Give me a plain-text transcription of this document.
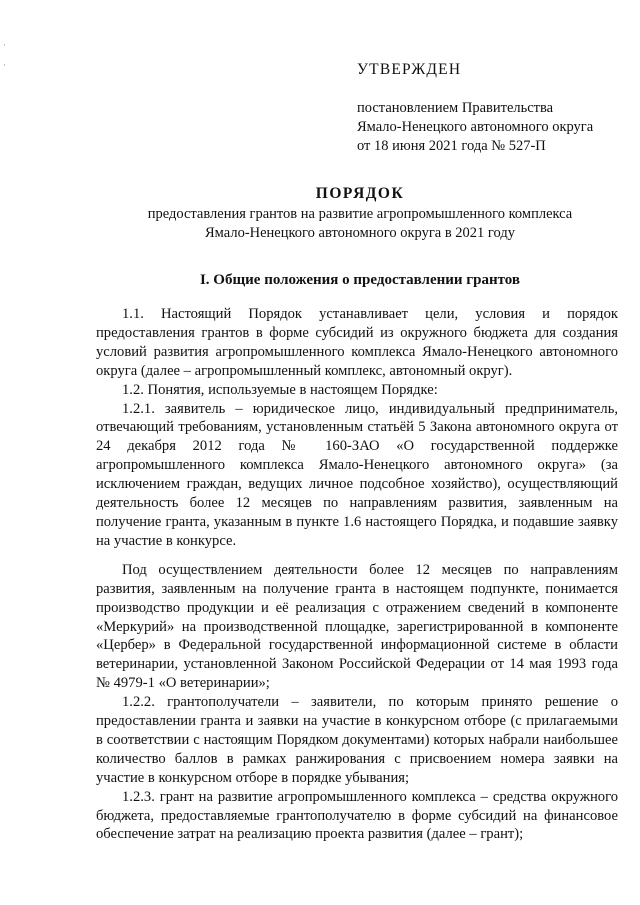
·
·	УТВЕРЖДЕН
постановлением Правительства
Ямало-Ненецкого автономного округа
от 18 июня 2021 года № 527-П
ПОРЯДОК
предоставления грантов на развитие агропромышленного комплекса
Ямало-Ненецкого автономного округа в 2021 году
I. Общие положения о предоставлении грантов

1.1. Настоящий Порядок устанавливает цели, условия и порядок предоставления грантов в форме субсидий из окружного бюджета для создания условий развития агропромышленного комплекса Ямало-Ненецкого автономного округа (далее – агропромышленный комплекс, автономный округ).

1.2. Понятия, используемые в настоящем Порядке:

1.2.1. заявитель – юридическое лицо, индивидуальный предприниматель, отвечающий требованиям, установленным статьёй 5 Закона автономного округа от 24 декабря 2012 года № 160-ЗАО «О государственной поддержке агропромышленного комплекса Ямало-Ненецкого автономного округа» (за исключением граждан, ведущих личное подсобное хозяйство), осуществляющий деятельность более 12 месяцев по направлениям развития, заявленным на получение гранта, указанным в пункте 1.6 настоящего Порядка, и подавшие заявку на участие в конкурсе.

Под осуществлением деятельности более 12 месяцев по направлениям развития, заявленным на получение гранта в настоящем подпункте, понимается производство продукции и её реализация с отражением сведений в компоненте «Меркурий» на производственной площадке, зарегистрированной в компоненте «Цербер» в Федеральной государственной информационной системе в области ветеринарии, установленной Законом Российской Федерации от 14 мая 1993 года № 4979-1 «О ветеринарии»;

1.2.2. грантополучатели – заявители, по которым принято решение о предоставлении гранта и заявки на участие в конкурсном отборе (с прилагаемыми в соответствии с настоящим Порядком документами) которых набрали наибольшее количество баллов в рамках ранжирования с присвоением номера заявки на участие в конкурсном отборе в порядке убывания;

1.2.3. грант на развитие агропромышленного комплекса – средства окружного бюджета, предоставляемые грантополучателю в форме субсидий на финансовое обеспечение затрат на реализацию проекта развития (далее – грант);
